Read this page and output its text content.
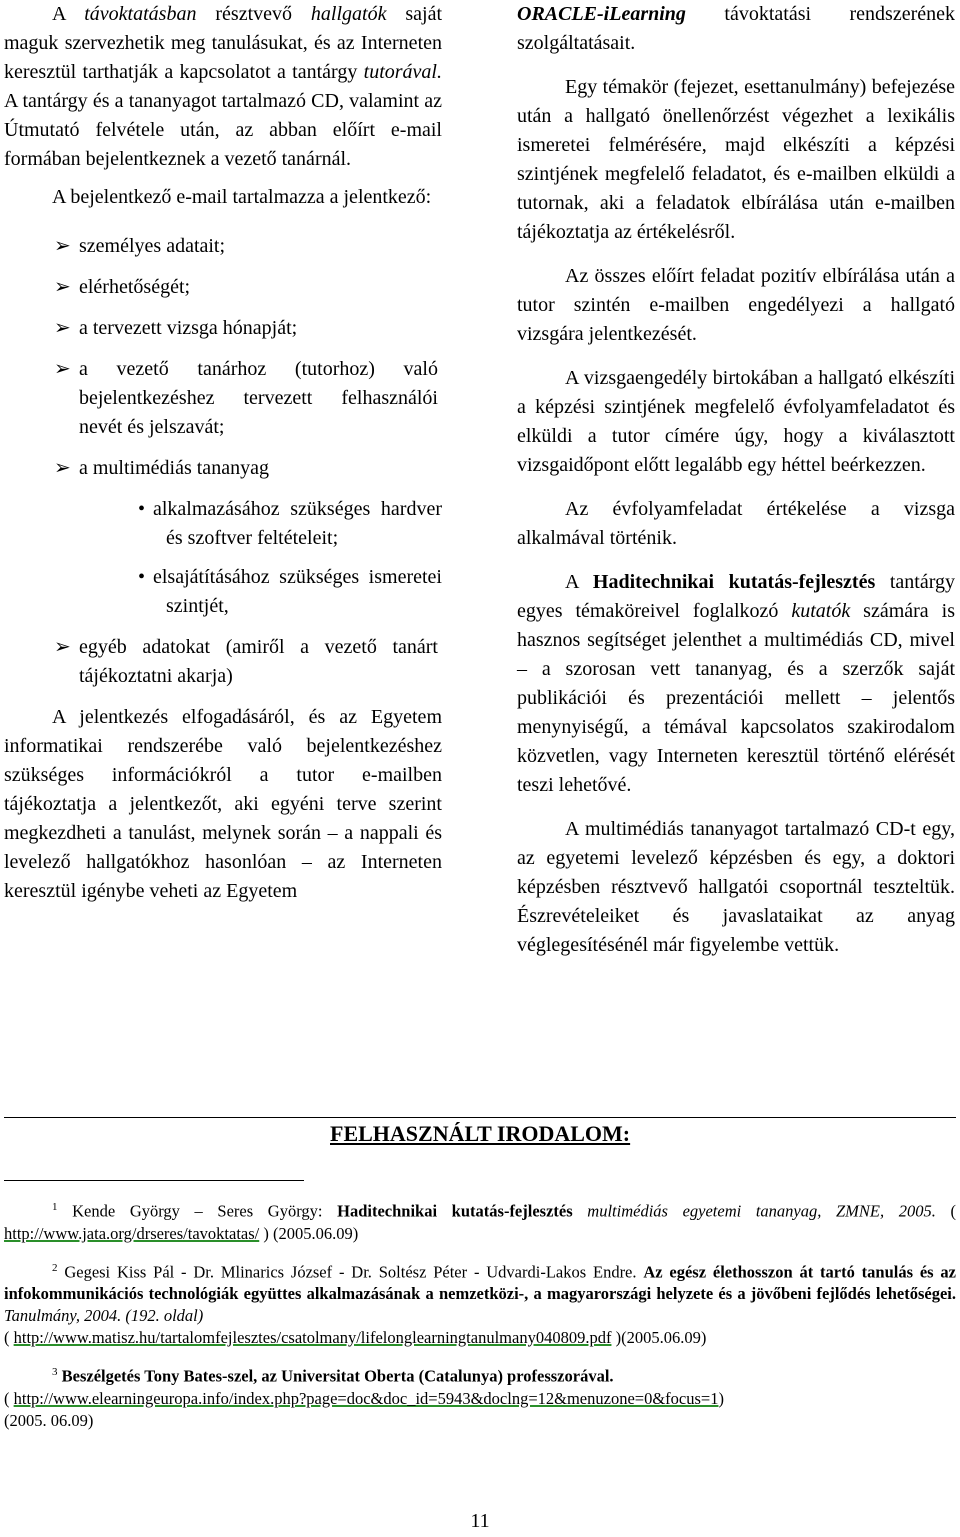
A távoktatásban résztvevő hallgatók saját maguk szervezhetik meg tanulásukat, és az Interneten keresztül tarthatják a kapcsolatot a tantárgy tutorával. A tantárgy és a tananyagot tartalmazó CD, valamint az Útmutató felvétele után, az abban előírt e-mail formában bejelentkeznek a vezető tanárnál.

A bejelentkező e-mail tartalmazza a jelentkező:

➢ személyes adatait;
➢ elérhetőségét;
➢ a tervezett vizsga hónapját;
➢ a vezető tanárhoz (tutorhoz) való bejelentkezéshez tervezett felhasználói nevét és jelszavát;
➢ a multimédiás tananyag
• alkalmazásához szükséges hardver és szoftver feltételeit;
• elsajátításához szükséges ismeretei szintjét,
➢ egyéb adatokat (amiről a vezető tanárt tájékoztatni akarja)

A jelentkezés elfogadásáról, és az Egyetem informatikai rendszerébe való bejelentkezéshez szükséges információkról a tutor e-mailben tájékoztatja a jelentkezőt, aki egyéni terve szerint megkezdheti a tanulást, melynek során – a nappali és levelező hallgatókhoz hasonlóan – az Interneten keresztül igénybe veheti az Egyetem

ORACLE-iLearning távoktatási rendszerének szolgáltatásait.

Egy témakör (fejezet, esettanulmány) befejezése után a hallgató önellenőrzést végezhet a lexikális ismeretei felmérésére, majd elkészíti a képzési szintjének megfelelő feladatot, és e-mailben elküldi a tutornak, aki a feladatok elbírálása után e-mailben tájékoztatja az értékelésről.

Az összes előírt feladat pozitív elbírálása után a tutor szintén e-mailben engedélyezi a hallgató vizsgára jelentkezését.

A vizsgaengedély birtokában a hallgató elkészíti a képzési szintjének megfelelő évfolyamfeladatot és elküldi a tutor címére úgy, hogy a kiválasztott vizsgaidőpont előtt legalább egy héttel beérkezzen.

Az évfolyamfeladat értékelése a vizsga alkalmával történik.

A Haditechnikai kutatás-fejlesztés tantárgy egyes témaköreivel foglalkozó kutatók számára is hasznos segítséget jelenthet a multimédiás CD, mivel – a szorosan vett tananyag, és a szerzők saját publikációi és prezentációi mellett – jelentős menynyiségű, a témával kapcsolatos szakirodalom közvetlen, vagy Interneten keresztül történő elérését teszi lehetővé.

A multimédiás tananyagot tartalmazó CD-t egy, az egyetemi levelező képzésben és egy, a doktori képzésben résztvevő hallgatói csoportnál teszteltük. Észrevételeiket és javaslataikat az anyag véglegesítésénél már figyelembe vettük.

FELHASZNÁLT IRODALOM:
$^1$ Kende György – Seres György: Haditechnikai kutatás-fejlesztés multimédiás egyetemi tananyag, ZMNE, 2005. ( http://www.jata.org/drseres/tavoktatas/ ) (2005.06.09)
$^2$ Gegesi Kiss Pál - Dr. Mlinarics József - Dr. Soltész Péter - Udvardi-Lakos Endre. Az egész élethosszon át tartó tanulás és az infokommunikációs technológiák együttes alkalmazásának a nemzetközi-, a magyarországi helyzete és a jövőbeni fejlődés lehetőségei. Tanulmány, 2004. (192. oldal)
( http://www.matisz.hu/tartalomfejlesztes/csatolmany/lifelonglearningtanulmany040809.pdf )(2005.06.09)
$^3$ Beszélgetés Tony Bates-szel, az Universitat Oberta (Catalunya) professzorával.
( http://www.elearningeuropa.info/index.php?page=doc&doc_id=5943&doclng=12&menuzone=0&focus=1)
(2005. 06.09)
11
